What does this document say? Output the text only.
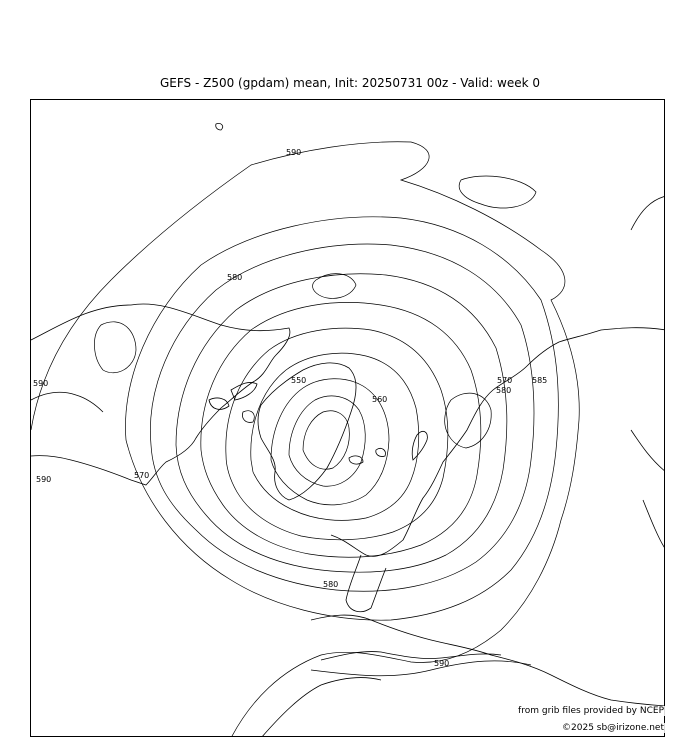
GEFS - Z500 (gpdam) mean, Init: 20250731 00z - Valid: week 0
590
580
590	550
560
570 585
590
580
590
570
580
from grib files provided by NCEP
©2025 sb@irizone.net
